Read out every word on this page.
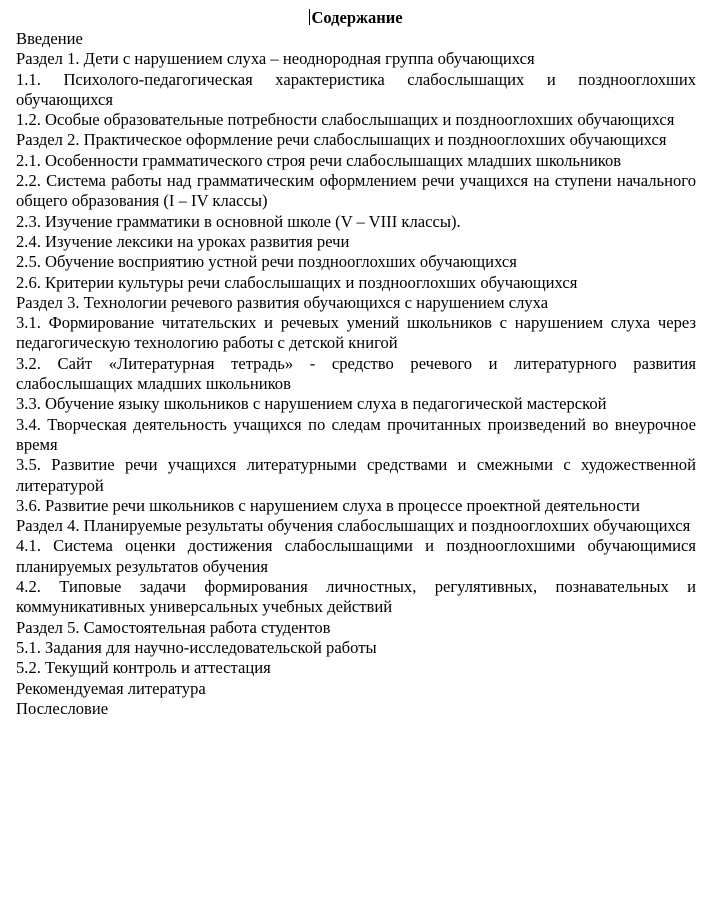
Содержание

Введение

Раздел 1. Дети с нарушением слуха – неоднородная группа обучающихся

1.1. Психолого-педагогическая характеристика слабослышащих и позднооглохших обучающихся

1.2. Особые образовательные потребности слабослышащих и позднооглохших обучающихся

Раздел 2. Практическое оформление речи слабослышащих и позднооглохших обучающихся

2.1. Особенности грамматического строя речи слабослышащих младших школьников

2.2. Система работы над грамматическим оформлением речи учащихся на ступени начального общего образования (I – IV классы)

2.3. Изучение грамматики в основной школе (V – VIII классы).

2.4. Изучение лексики на уроках развития речи

2.5. Обучение восприятию устной речи позднооглохших обучающихся

2.6. Критерии культуры речи слабослышащих и позднооглохших обучающихся

Раздел 3. Технологии речевого развития обучающихся с нарушением слуха

3.1. Формирование читательских и речевых умений школьников с нарушением слуха через педагогическую технологию работы с детской книгой

3.2. Сайт «Литературная тетрадь» - средство речевого и литературного развития слабослышащих младших школьников

3.3. Обучение языку школьников с нарушением слуха в педагогической мастерской

3.4. Творческая деятельность учащихся по следам прочитанных произведений во внеурочное время

3.5. Развитие речи учащихся литературными средствами и смежными с художественной литературой

3.6. Развитие речи школьников с нарушением слуха в процессе проектной деятельности

Раздел 4. Планируемые результаты обучения слабослышащих и позднооглохших обучающихся

4.1. Система оценки достижения слабослышащими и позднооглохшими обучающимися планируемых результатов обучения

4.2. Типовые задачи формирования личностных, регулятивных, познавательных и коммуникативных универсальных учебных действий

Раздел 5. Самостоятельная работа студентов

5.1. Задания для научно-исследовательской работы

5.2. Текущий контроль и аттестация

Рекомендуемая литература

Послесловие
